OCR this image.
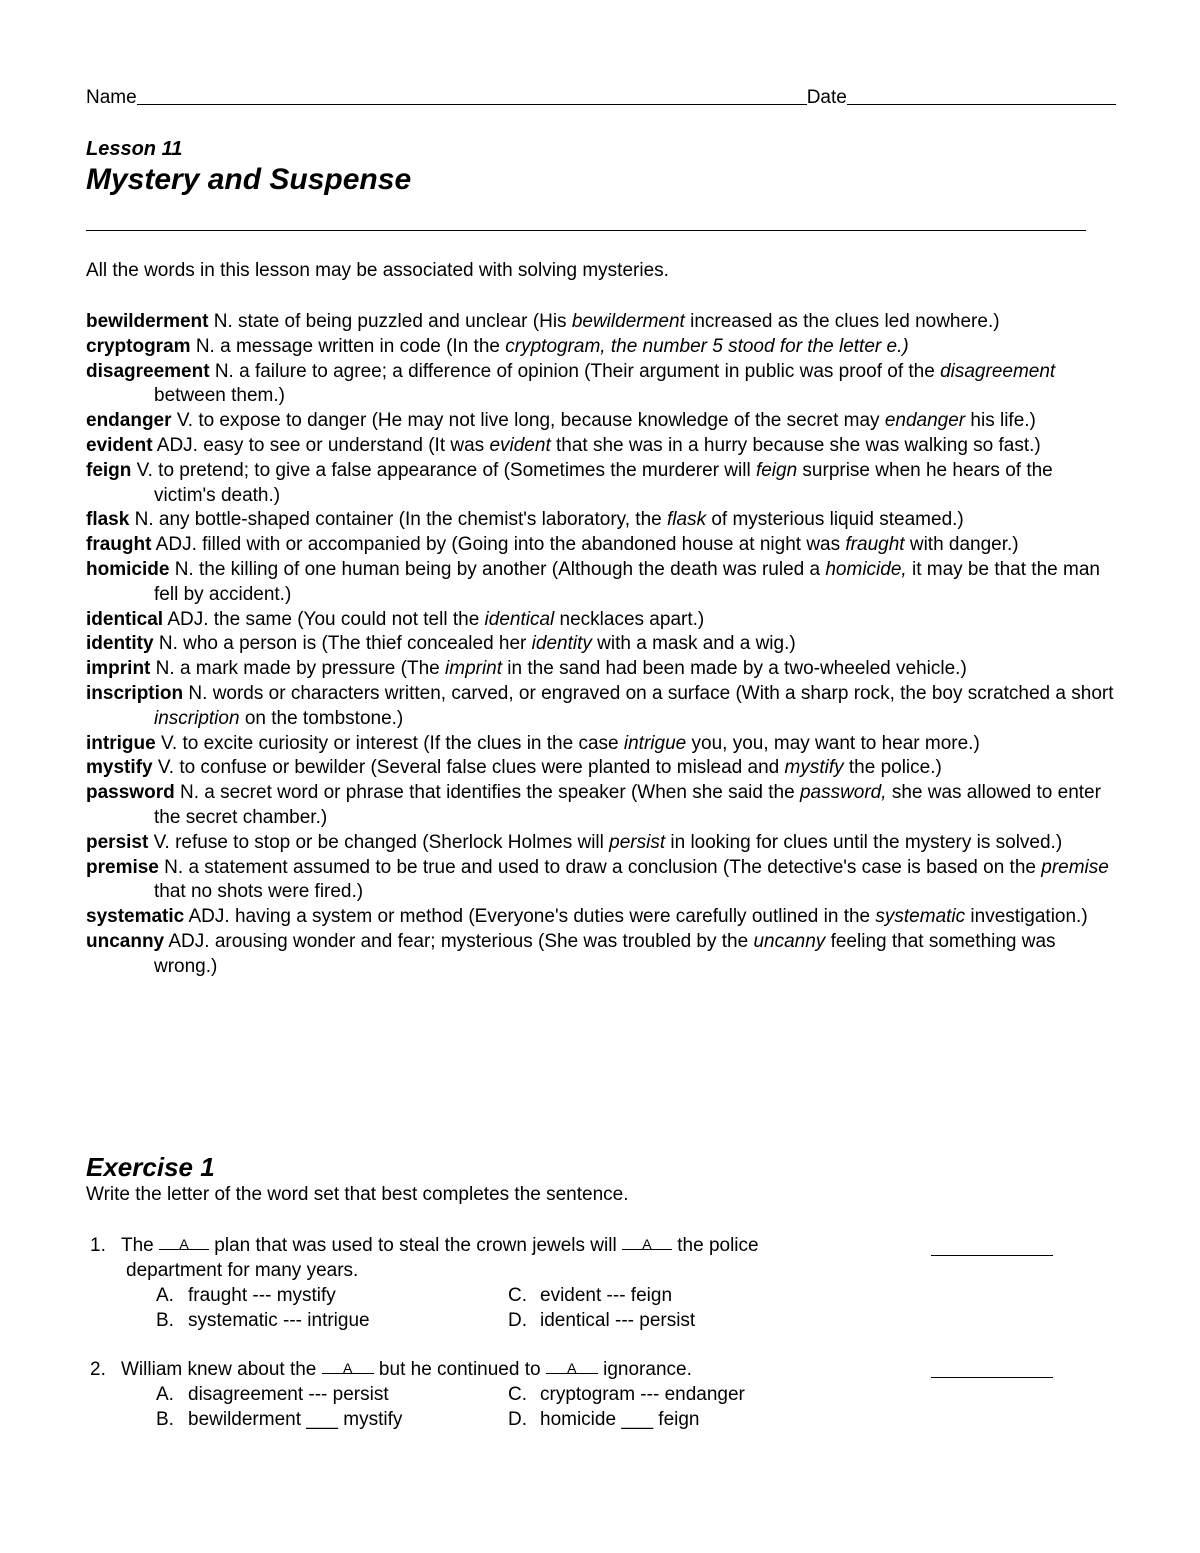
Name	Date
Lesson 11
Mystery and Suspense
All the words in this lesson may be associated with solving mysteries.
bewilderment N. state of being puzzled and unclear (His bewilderment increased as the clues led nowhere.)
cryptogram N. a message written in code (In the cryptogram, the number 5 stood for the letter e.)
disagreement N. a failure to agree; a difference of opinion (Their argument in public was proof of the disagreement between them.)
endanger V. to expose to danger (He may not live long, because knowledge of the secret may endanger his life.)
evident ADJ. easy to see or understand (It was evident that she was in a hurry because she was walking so fast.)
feign V. to pretend; to give a false appearance of (Sometimes the murderer will feign surprise when he hears of the victim's death.)
flask N. any bottle-shaped container (In the chemist's laboratory, the flask of mysterious liquid steamed.)
fraught ADJ. filled with or accompanied by (Going into the abandoned house at night was fraught with danger.)
homicide N. the killing of one human being by another (Although the death was ruled a homicide, it may be that the man fell by accident.)
identical ADJ. the same (You could not tell the identical necklaces apart.)
identity N. who a person is (The thief concealed her identity with a mask and a wig.)
imprint N. a mark made by pressure (The imprint in the sand had been made by a two-wheeled vehicle.)
inscription N. words or characters written, carved, or engraved on a surface (With a sharp rock, the boy scratched a short inscription on the tombstone.)
intrigue V. to excite curiosity or interest (If the clues in the case intrigue you, you, may want to hear more.)
mystify V. to confuse or bewilder (Several false clues were planted to mislead and mystify the police.)
password N. a secret word or phrase that identifies the speaker (When she said the password, she was allowed to enter the secret chamber.)
persist V. refuse to stop or be changed (Sherlock Holmes will persist in looking for clues until the mystery is solved.)
premise N. a statement assumed to be true and used to draw a conclusion (The detective's case is based on the premise that no shots were fired.)
systematic ADJ. having a system or method (Everyone's duties were carefully outlined in the systematic investigation.)
uncanny ADJ. arousing wonder and fear; mysterious (She was troubled by the uncanny feeling that something was wrong.)
Exercise 1
Write the letter of the word set that best completes the sentence.
1. The A plan that was used to steal the crown jewels will A the police
department for many years.
A. fraught --- mystify	C. evident --- feign
B. systematic --- intrigue	D. identical --- persist
2. William knew about the A but he continued to A ignorance.
A. disagreement --- persist	C. cryptogram --- endanger
B. bewilderment ___ mystify	D. homicide ___ feign
